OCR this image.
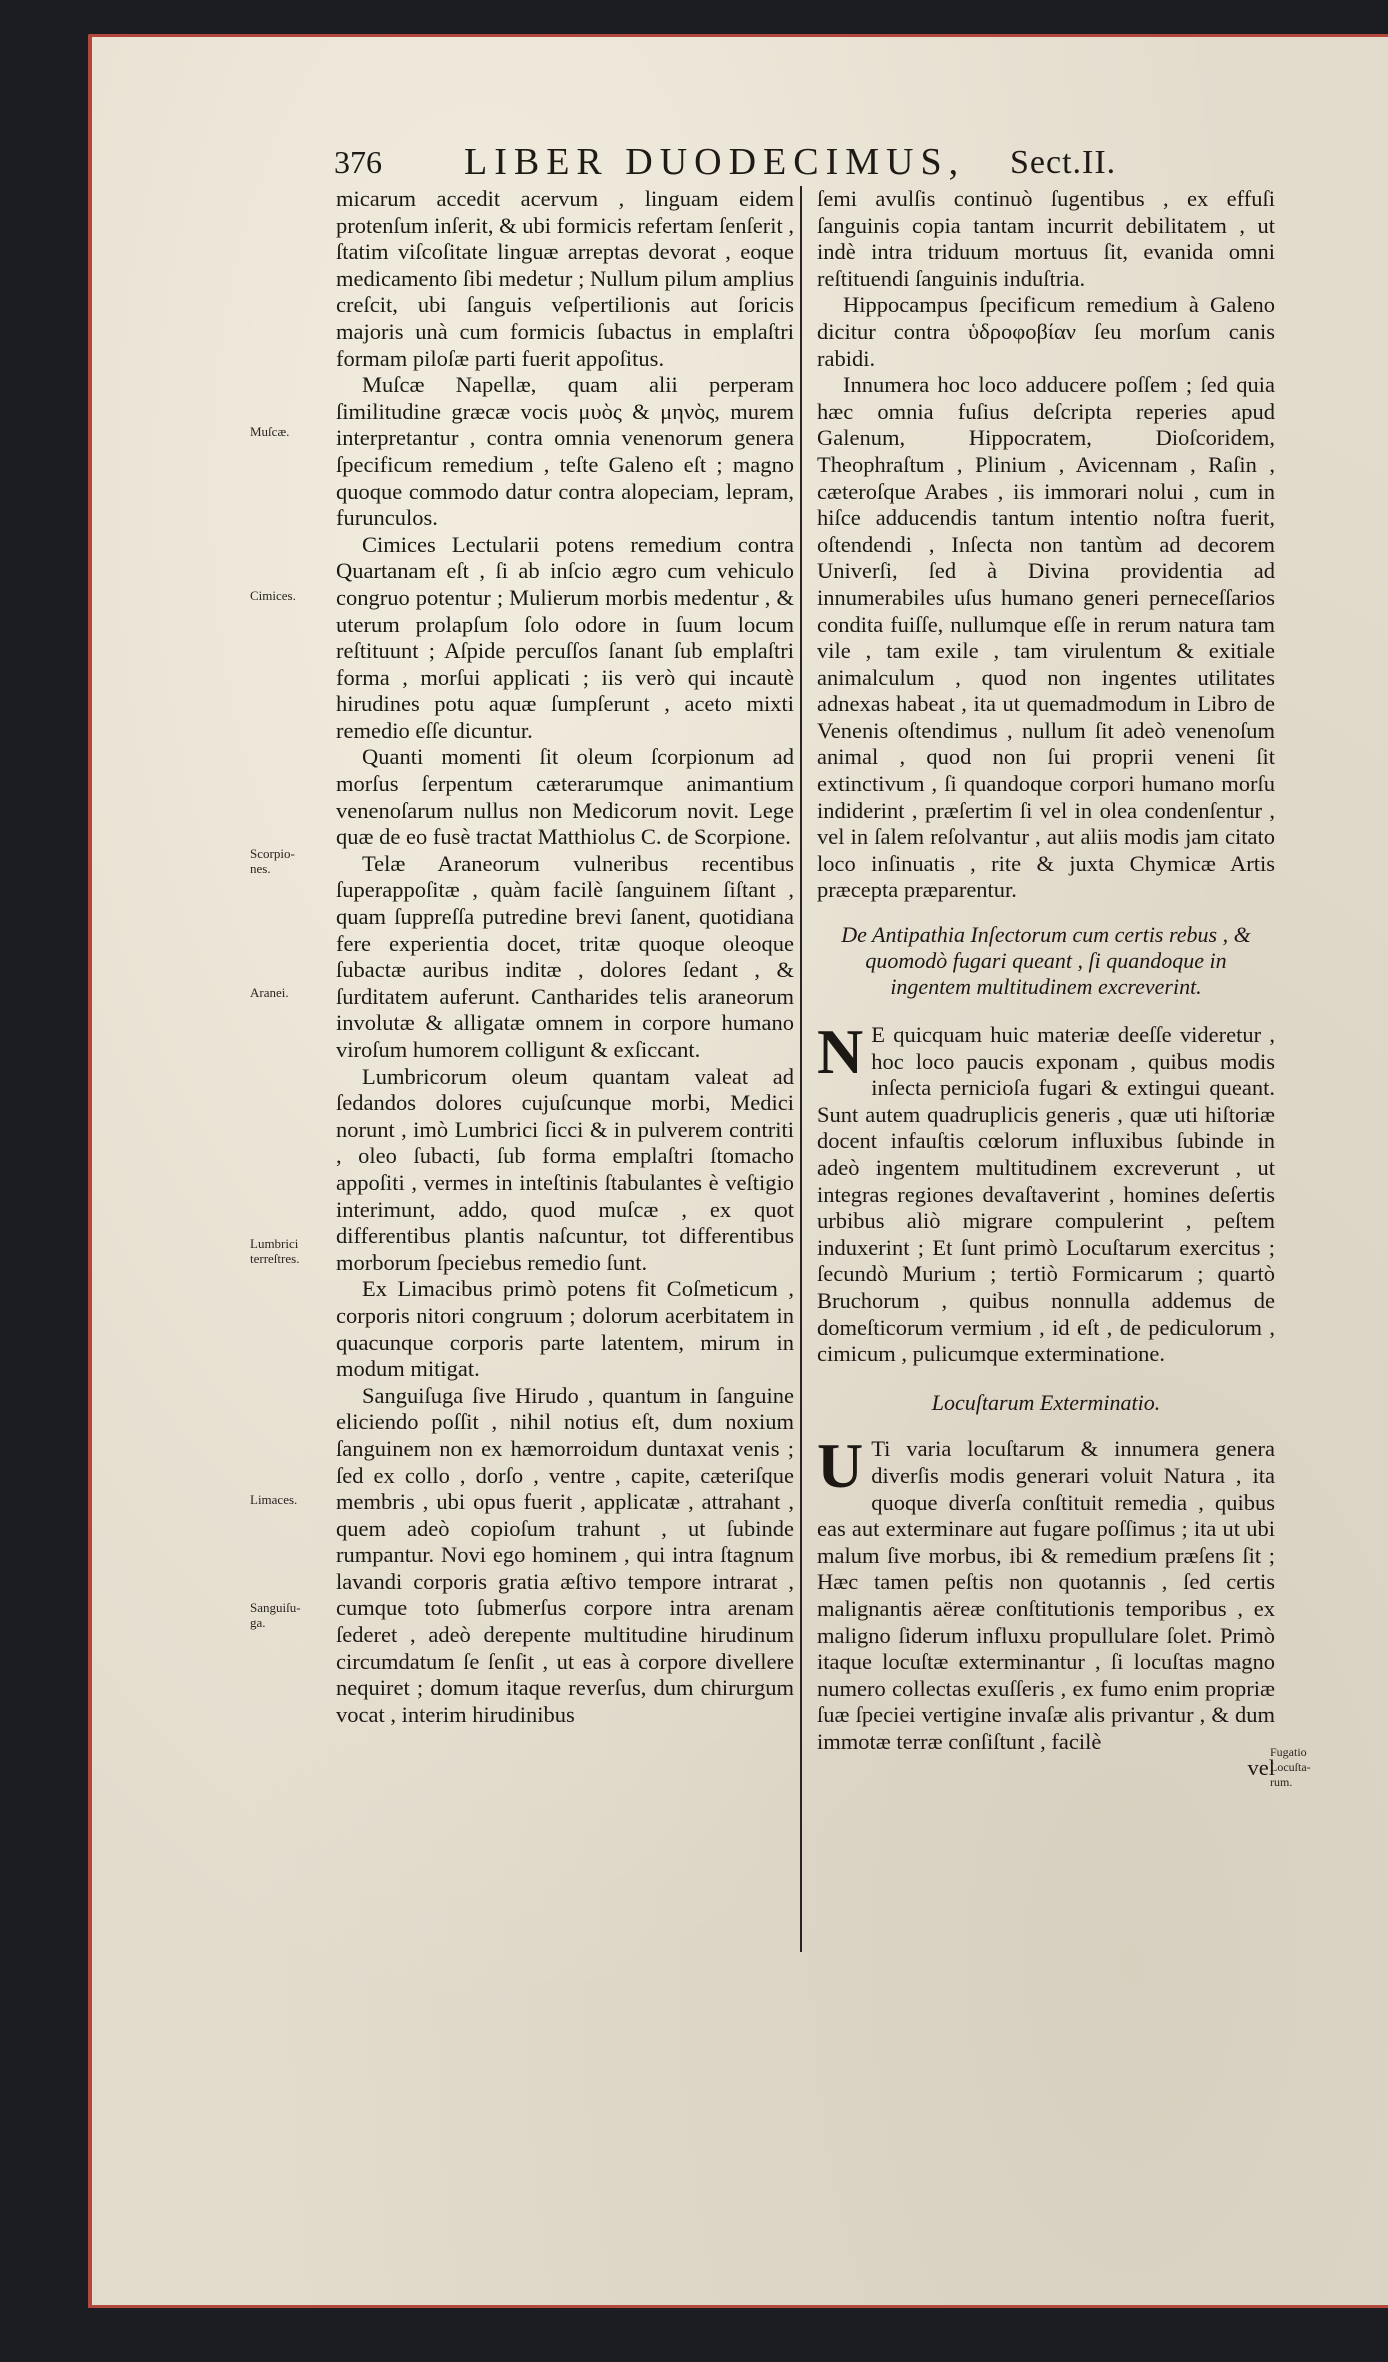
376 LIBER DUODECIMUS, Sect.II.
Muſcæ.
Cimices.
Scorpio-nes.
Aranei.
Lumbrici terreſtres.
Limaces.
Sanguiſu-ga.
Fugatio Locuſta-rum.

micarum accedit acervum , linguam eidem protenſum inſerit, & ubi formicis refertam ſenſerit , ſtatim viſcoſitate linguæ arreptas devorat , eoque medicamento ſibi medetur ; Nullum pilum amplius creſcit, ubi ſanguis veſpertilionis aut ſoricis majoris unà cum formicis ſubactus in emplaſtri formam piloſæ parti fuerit appoſitus.

Muſcæ Napellæ, quam alii perperam ſimilitudine græcæ vocis μυὸς & μηνὸς, murem interpretantur , contra omnia venenorum genera ſpecificum remedium , teſte Galeno eſt ; magno quoque commodo datur contra alopeciam, lepram, furunculos.

Cimices Lectularii potens remedium contra Quartanam eſt , ſi ab inſcio ægro cum vehiculo congruo potentur ; Mulierum morbis medentur , & uterum prolapſum ſolo odore in ſuum locum reſtituunt ; Aſpide percuſſos ſanant ſub emplaſtri forma , morſui applicati ; iis verò qui incautè hirudines potu aquæ ſumpſerunt , aceto mixti remedio eſſe dicuntur.

Quanti momenti ſit oleum ſcorpionum ad morſus ſerpentum cæterarumque animantium venenoſarum nullus non Medicorum novit. Lege quæ de eo fusè tractat Matthiolus C. de Scorpione.

Telæ Araneorum vulneribus recentibus ſuperappoſitæ , quàm facilè ſanguinem ſiſtant , quam ſuppreſſa putredine brevi ſanent, quotidiana fere experientia docet, tritæ quoque oleoque ſubactæ auribus inditæ , dolores ſedant , & ſurditatem auferunt. Cantharides telis araneorum involutæ & alligatæ omnem in corpore humano viroſum humorem colligunt & exſiccant.

Lumbricorum oleum quantam valeat ad ſedandos dolores cujuſcunque morbi, Medici norunt , imò Lumbrici ſicci & in pulverem contriti , oleo ſubacti, ſub forma emplaſtri ſtomacho appoſiti , vermes in inteſtinis ſtabulantes è veſtigio interimunt, addo, quod muſcæ , ex quot differentibus plantis naſcuntur, tot differentibus morborum ſpeciebus remedio ſunt.

Ex Limacibus primò potens fit Coſmeticum , corporis nitori congruum ; dolorum acerbitatem in quacunque corporis parte latentem, mirum in modum mitigat.

Sanguiſuga ſive Hirudo , quantum in ſanguine eliciendo poſſit , nihil notius eſt, dum noxium ſanguinem non ex hæmorroidum duntaxat venis ; ſed ex collo , dorſo , ventre , capite, cæteriſque membris , ubi opus fuerit , applicatæ , attrahant , quem adeò copioſum trahunt , ut ſubinde rumpantur. Novi ego hominem , qui intra ſtagnum lavandi corporis gratia æſtivo tempore intrarat , cumque toto ſubmerſus corpore intra arenam ſederet , adeò derepente multitudine hirudinum circumdatum ſe ſenſit , ut eas à corpore divellere nequiret ; domum itaque reverſus, dum chirurgum vocat , interim hirudinibus

ſemi avulſis continuò ſugentibus , ex effuſi ſanguinis copia tantam incurrit debilitatem , ut indè intra triduum mortuus ſit, evanida omni reſtituendi ſanguinis induſtria.

Hippocampus ſpecificum remedium à Galeno dicitur contra ὑδροφοβίαν ſeu morſum canis rabidi.

Innumera hoc loco adducere poſſem ; ſed quia hæc omnia fuſius deſcripta reperies apud Galenum, Hippocratem, Dioſcoridem, Theophraſtum , Plinium , Avicennam , Raſin , cæteroſque Arabes , iis immorari nolui , cum in hiſce adducendis tantum intentio noſtra fuerit, oſtendendi , Inſecta non tantùm ad decorem Univerſi, ſed à Divina providentia ad innumerabiles uſus humano generi perneceſſarios condita fuiſſe, nullumque eſſe in rerum natura tam vile , tam exile , tam virulentum & exitiale animalculum , quod non ingentes utilitates adnexas habeat , ita ut quemadmodum in Libro de Venenis oſtendimus , nullum ſit adeò venenoſum animal , quod non ſui proprii veneni ſit extinctivum , ſi quandoque corpori humano morſu indiderint , præſertim ſi vel in olea condenſentur , vel in ſalem reſolvantur , aut aliis modis jam citato loco inſinuatis , rite & juxta Chymicæ Artis præcepta præparentur.

De Antipathia Inſectorum cum certis rebus , & quomodò fugari queant , ſi quandoque in ingentem multitudinem excreverint.

N E quicquam huic materiæ deeſſe videretur , hoc loco paucis exponam , quibus modis inſecta pernicioſa fugari & extingui queant. Sunt autem quadruplicis generis , quæ uti hiſtoriæ docent infauſtis cœlorum influxibus ſubinde in adeò ingentem multitudinem excreverunt , ut integras regiones devaſtaverint , homines deſertis urbibus aliò migrare compulerint , peſtem induxerint ; Et ſunt primò Locuſtarum exercitus ; ſecundò Murium ; tertiò Formicarum ; quartò Bruchorum , quibus nonnulla addemus de domeſticorum vermium , id eſt , de pediculorum , cimicum , pulicumque exterminatione.

Locuſtarum Exterminatio.

U Ti varia locuſtarum & innumera genera diverſis modis generari voluit Natura , ita quoque diverſa conſtituit remedia , quibus eas aut exterminare aut fugare poſſimus ; ita ut ubi malum ſive morbus, ibi & remedium præſens ſit ; Hæc tamen peſtis non quotannis , ſed certis malignantis aëreæ conſtitutionis temporibus , ex maligno ſiderum influxu propullulare ſolet. Primò itaque locuſtæ exterminantur , ſi locuſtas magno numero collectas exuſſeris , ex fumo enim propriæ ſuæ ſpeciei vertigine invaſæ alis privantur , & dum immotæ terræ conſiſtunt , facilè

vel
